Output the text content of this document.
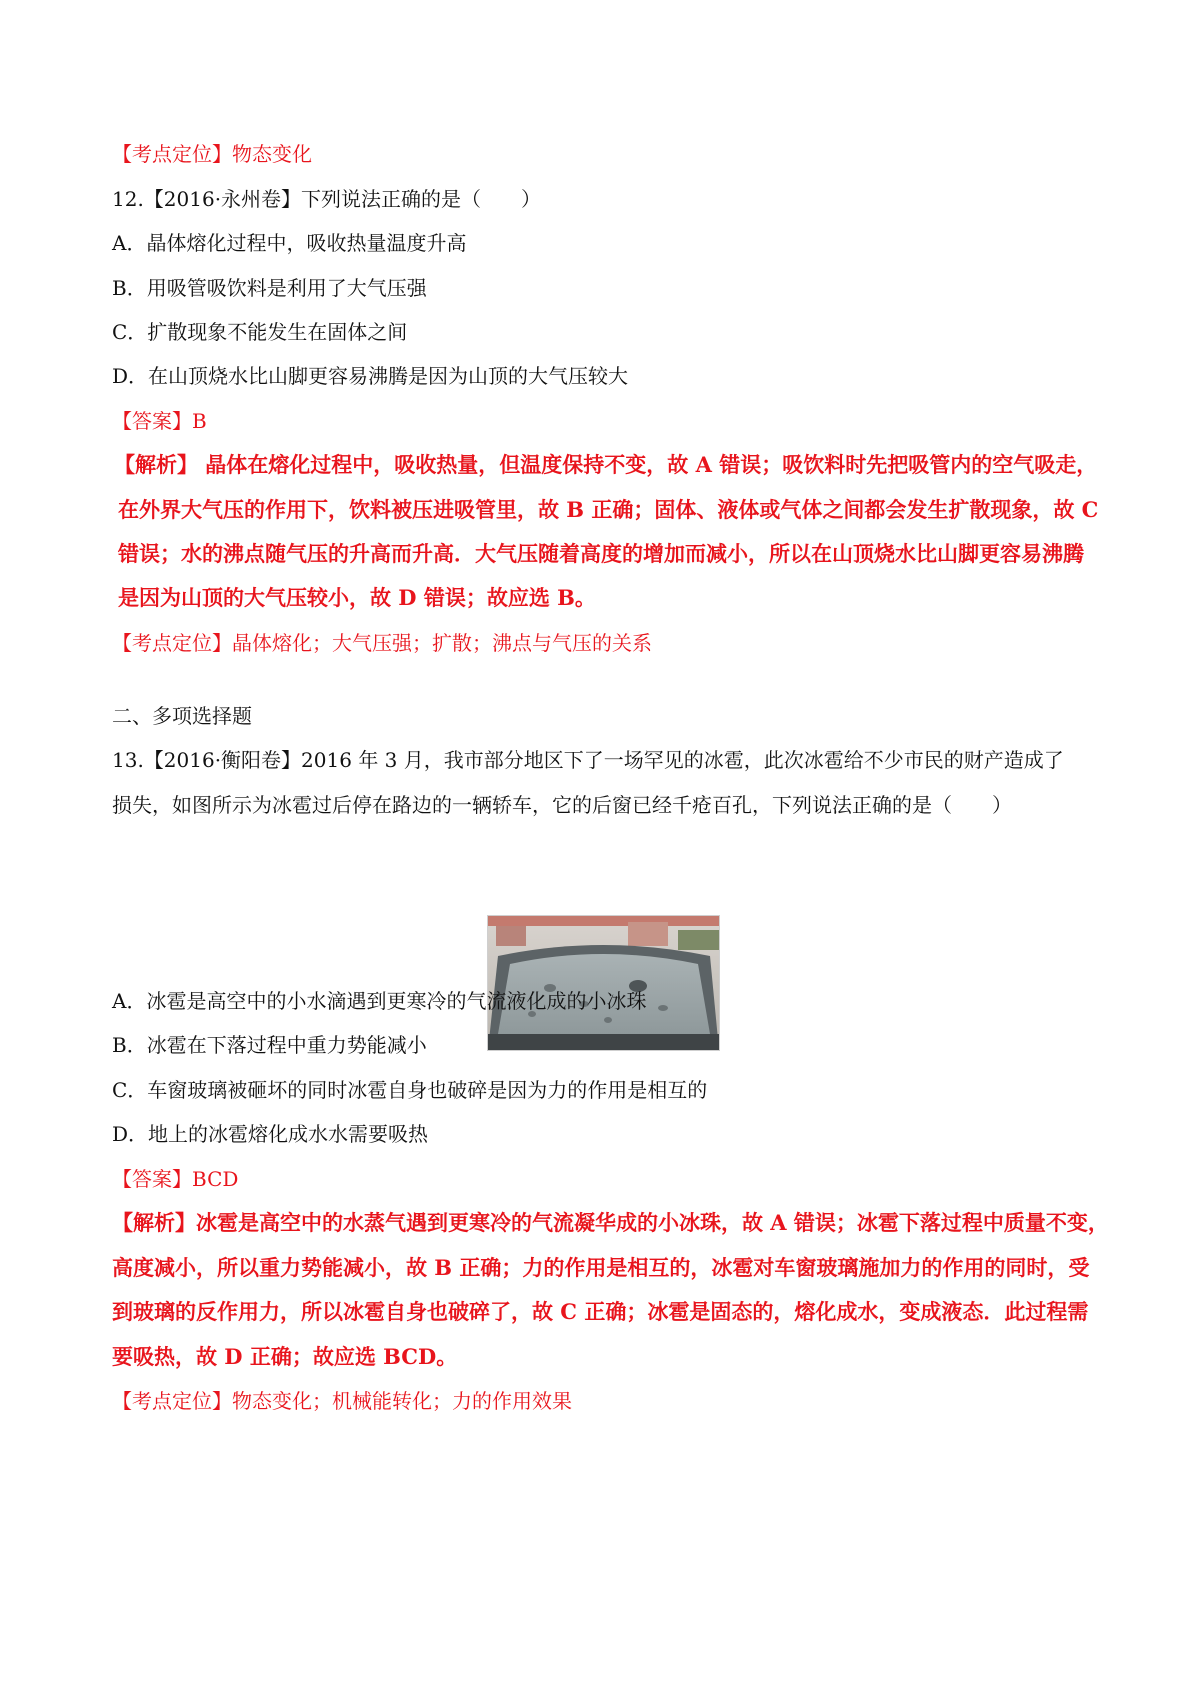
【考点定位】物态变化
12.【2016·永州卷】下列说法正确的是（　　）
A．晶体熔化过程中，吸收热量温度升高
B．用吸管吸饮料是利用了大气压强
C．扩散现象不能发生在固体之间
D．在山顶烧水比山脚更容易沸腾是因为山顶的大气压较大
【答案】B
【解析】 晶体在熔化过程中，吸收热量，但温度保持不变，故 A 错误；吸饮料时先把吸管内的空气吸走，
在外界大气压的作用下，饮料被压进吸管里，故 B 正确；固体、液体或气体之间都会发生扩散现象，故 C
错误；水的沸点随气压的升高而升高．大气压随着高度的增加而减小，所以在山顶烧水比山脚更容易沸腾
是因为山顶的大气压较小，故 D 错误；故应选 B。
【考点定位】晶体熔化；大气压强；扩散；沸点与气压的关系
二、多项选择题
13.【2016·衡阳卷】2016 年 3 月，我市部分地区下了一场罕见的冰雹，此次冰雹给不少市民的财产造成了
损失，如图所示为冰雹过后停在路边的一辆轿车，它的后窗已经千疮百孔，下列说法正确的是（　　）
A．冰雹是高空中的小水滴遇到更寒冷的气流液化成的小冰珠
B．冰雹在下落过程中重力势能减小
C．车窗玻璃被砸坏的同时冰雹自身也破碎是因为力的作用是相互的
D．地上的冰雹熔化成水水需要吸热
【答案】BCD
【解析】冰雹是高空中的水蒸气遇到更寒冷的气流凝华成的小冰珠，故 A 错误；冰雹下落过程中质量不变，
高度减小，所以重力势能减小，故 B 正确；力的作用是相互的，冰雹对车窗玻璃施加力的作用的同时，受
到玻璃的反作用力，所以冰雹自身也破碎了，故 C 正确；冰雹是固态的，熔化成水，变成液态．此过程需
要吸热，故 D 正确；故应选 BCD。
【考点定位】物态变化；机械能转化；力的作用效果
